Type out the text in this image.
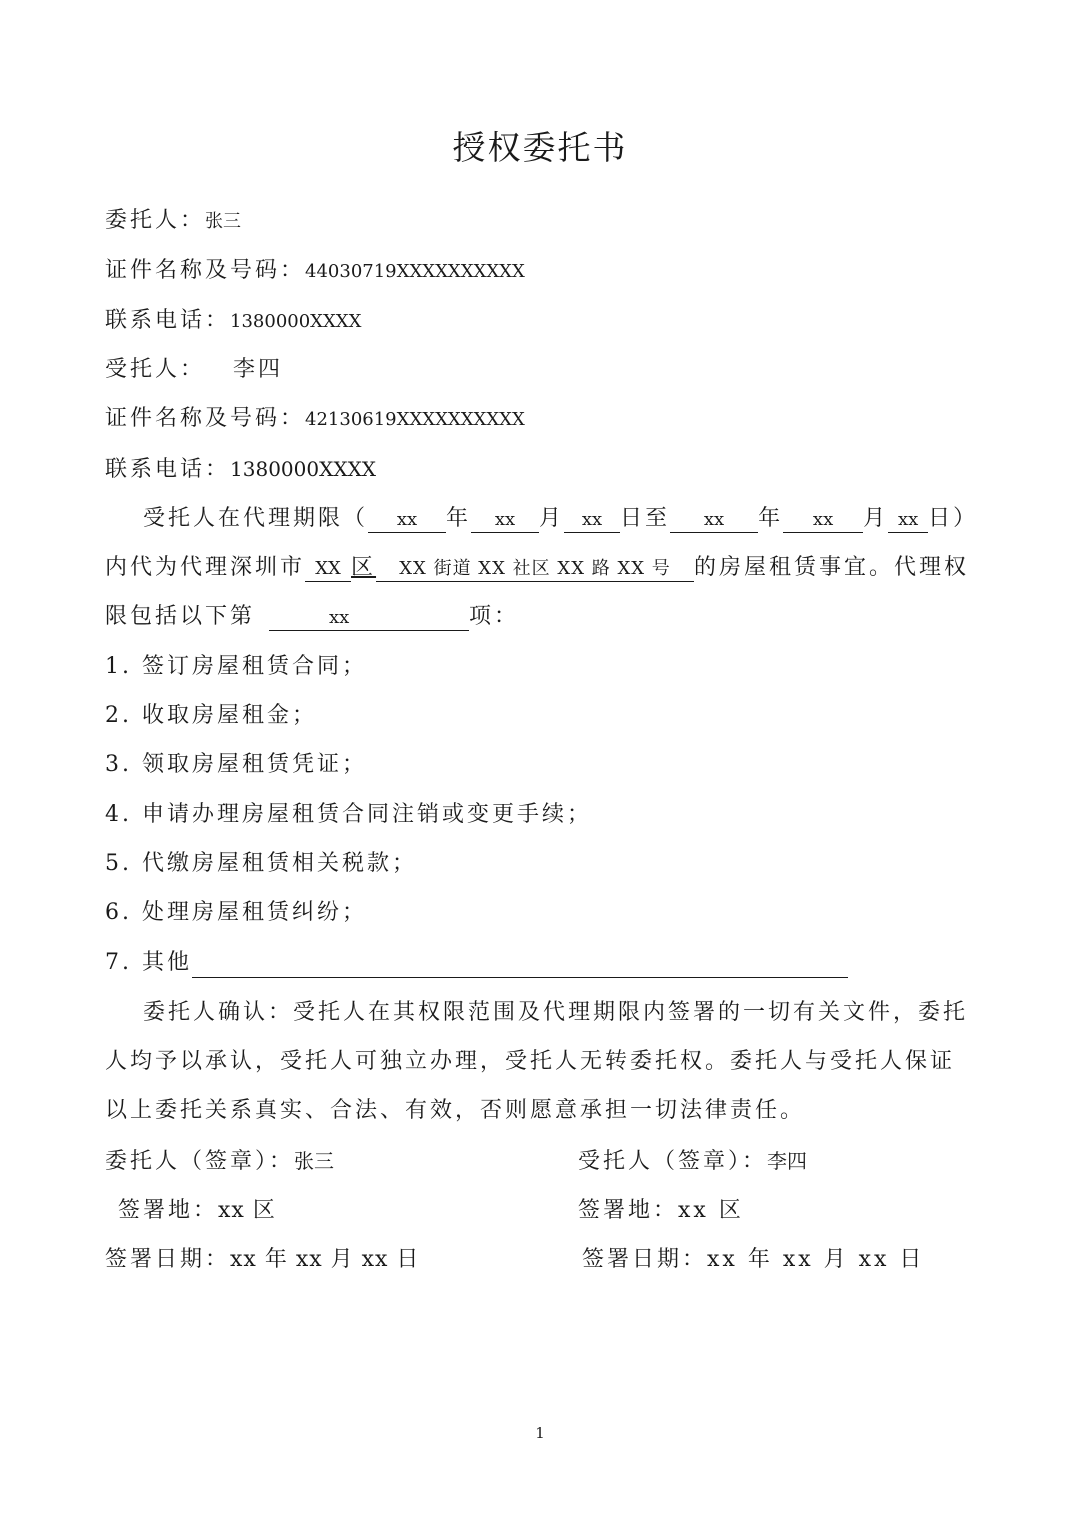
授权委托书
委托人：张三
证件名称及号码：44030719XXXXXXXXXX
联系电话：1380000XXXX
受托人： 李四
证件名称及号码：42130619XXXXXXXXXX
联系电话：1380000XXXX
受托人在代理期限（ xx 年 xx 月 xx 日至 xx 年 xx 月 xx 日）
内代为代理深圳市 XX 区 XX 街道 XX 社区 XX 路 XX 号 的房屋租赁事宜。代理权
限包括以下第	xx	项：
1. 签订房屋租赁合同；
2. 收取房屋租金；
3. 领取房屋租赁凭证；
4. 申请办理房屋租赁合同注销或变更手续；
5. 代缴房屋租赁相关税款；
6. 处理房屋租赁纠纷；
7. 其他
委托人确认：受托人在其权限范围及代理期限内签署的一切有关文件，委托
人均予以承认，受托人可独立办理，受托人无转委托权。委托人与受托人保证
以上委托关系真实、合法、有效，否则愿意承担一切法律责任。
委托人（签章）：张三
签署地：xx 区
签署日期：xx 年 xx 月 xx 日
受托人（签章）：李四
签署地：xx 区
签署日期：xx 年 xx 月 xx 日
1
